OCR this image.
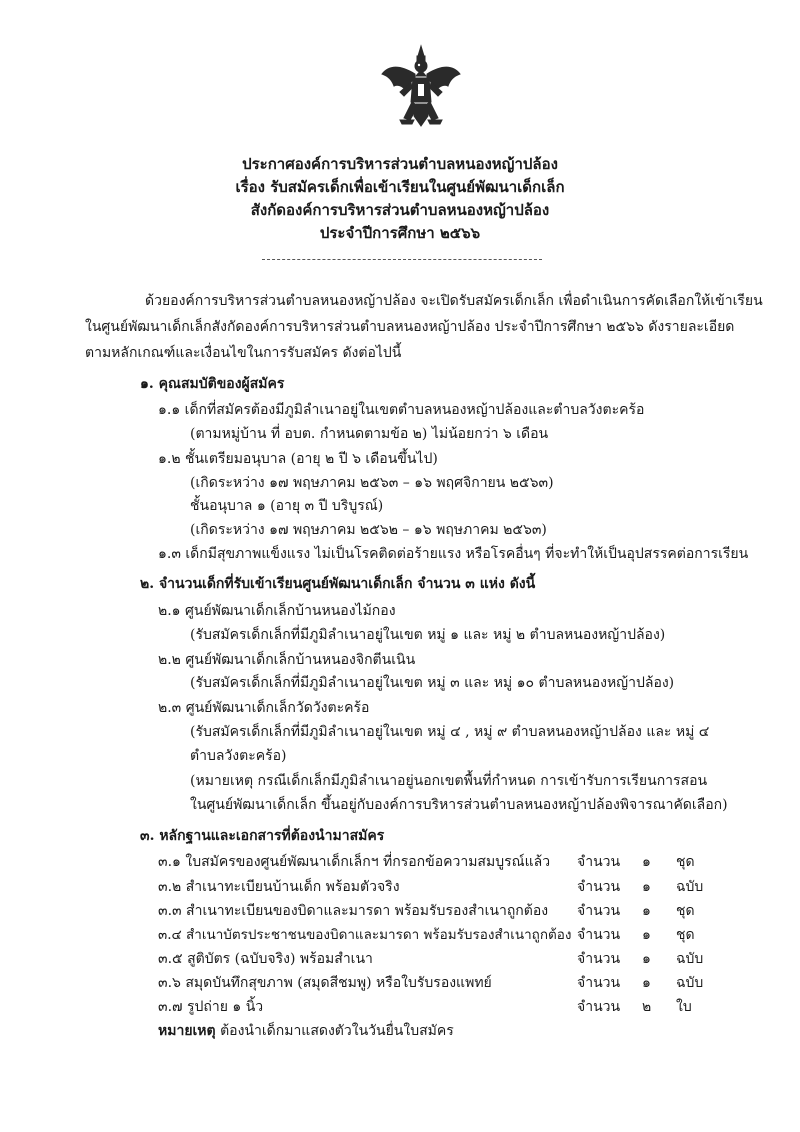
ประกาศองค์การบริหารส่วนตำบลหนองหญ้าปล้อง
เรื่อง รับสมัครเด็กเพื่อเข้าเรียนในศูนย์พัฒนาเด็กเล็ก
สังกัดองค์การบริหารส่วนตำบลหนองหญ้าปล้อง
ประจำปีการศึกษา ๒๕๖๖
ด้วยองค์การบริหารส่วนตำบลหนองหญ้าปล้อง จะเปิดรับสมัครเด็กเล็ก เพื่อดำเนินการคัดเลือกให้เข้าเรียน
ในศูนย์พัฒนาเด็กเล็กสังกัดองค์การบริหารส่วนตำบลหนองหญ้าปล้อง ประจำปีการศึกษา ๒๕๖๖ ดังรายละเอียด
ตามหลักเกณฑ์และเงื่อนไขในการรับสมัคร ดังต่อไปนี้
๑. คุณสมบัติของผู้สมัคร
๑.๑ เด็กที่สมัครต้องมีภูมิลำเนาอยู่ในเขตตำบลหนองหญ้าปล้องและตำบลวังตะคร้อ
(ตามหมู่บ้าน ที่ อบต. กำหนดตามข้อ ๒) ไม่น้อยกว่า ๖ เดือน
๑.๒ ชั้นเตรียมอนุบาล (อายุ ๒ ปี ๖ เดือนขึ้นไป)
(เกิดระหว่าง ๑๗ พฤษภาคม ๒๕๖๓ – ๑๖ พฤศจิกายน ๒๕๖๓)
ชั้นอนุบาล ๑ (อายุ ๓ ปี บริบูรณ์)
(เกิดระหว่าง ๑๗ พฤษภาคม ๒๕๖๒ – ๑๖ พฤษภาคม ๒๕๖๓)
๑.๓ เด็กมีสุขภาพแข็งแรง ไม่เป็นโรคติดต่อร้ายแรง หรือโรคอื่นๆ ที่จะทำให้เป็นอุปสรรคต่อการเรียน
๒. จำนวนเด็กที่รับเข้าเรียนศูนย์พัฒนาเด็กเล็ก จำนวน ๓ แห่ง ดังนี้
๒.๑ ศูนย์พัฒนาเด็กเล็กบ้านหนองไม้กอง
(รับสมัครเด็กเล็กที่มีภูมิลำเนาอยู่ในเขต หมู่ ๑ และ หมู่ ๒ ตำบลหนองหญ้าปล้อง)
๒.๒ ศูนย์พัฒนาเด็กเล็กบ้านหนองจิกตีนเนิน
(รับสมัครเด็กเล็กที่มีภูมิลำเนาอยู่ในเขต หมู่ ๓ และ หมู่ ๑๐ ตำบลหนองหญ้าปล้อง)
๒.๓ ศูนย์พัฒนาเด็กเล็กวัดวังตะคร้อ
(รับสมัครเด็กเล็กที่มีภูมิลำเนาอยู่ในเขต หมู่ ๔ , หมู่ ๙ ตำบลหนองหญ้าปล้อง และ หมู่ ๔
ตำบลวังตะคร้อ)
(หมายเหตุ กรณีเด็กเล็กมีภูมิลำเนาอยู่นอกเขตพื้นที่กำหนด การเข้ารับการเรียนการสอน
ในศูนย์พัฒนาเด็กเล็ก ขึ้นอยู่กับองค์การบริหารส่วนตำบลหนองหญ้าปล้องพิจารณาคัดเลือก)
๓. หลักฐานและเอกสารที่ต้องนำมาสมัคร
๓.๑ ใบสมัครของศูนย์พัฒนาเด็กเล็กฯ ที่กรอกข้อความสมบูรณ์แล้ว จำนวน ๑ ชุด
๓.๒ สำเนาทะเบียนบ้านเด็ก พร้อมตัวจริง	จำนวน ๑ ฉบับ
๓.๓ สำเนาทะเบียนของบิดาและมารดา พร้อมรับรองสำเนาถูกต้อง จำนวน ๑ ชุด
๓.๔ สำเนาบัตรประชาชนของบิดาและมารดา พร้อมรับรองสำเนาถูกต้อง จำนวน ๑ ชุด
๓.๕ สูติบัตร (ฉบับจริง) พร้อมสำเนา	จำนวน ๑ ฉบับ
๓.๖ สมุดบันทึกสุขภาพ (สมุดสีชมพู) หรือใบรับรองแพทย์	จำนวน ๑ ฉบับ
๓.๗ รูปถ่าย ๑ นิ้ว	จำนวน ๒ ใบ
หมายเหตุ ต้องนำเด็กมาแสดงตัวในวันยื่นใบสมัคร
